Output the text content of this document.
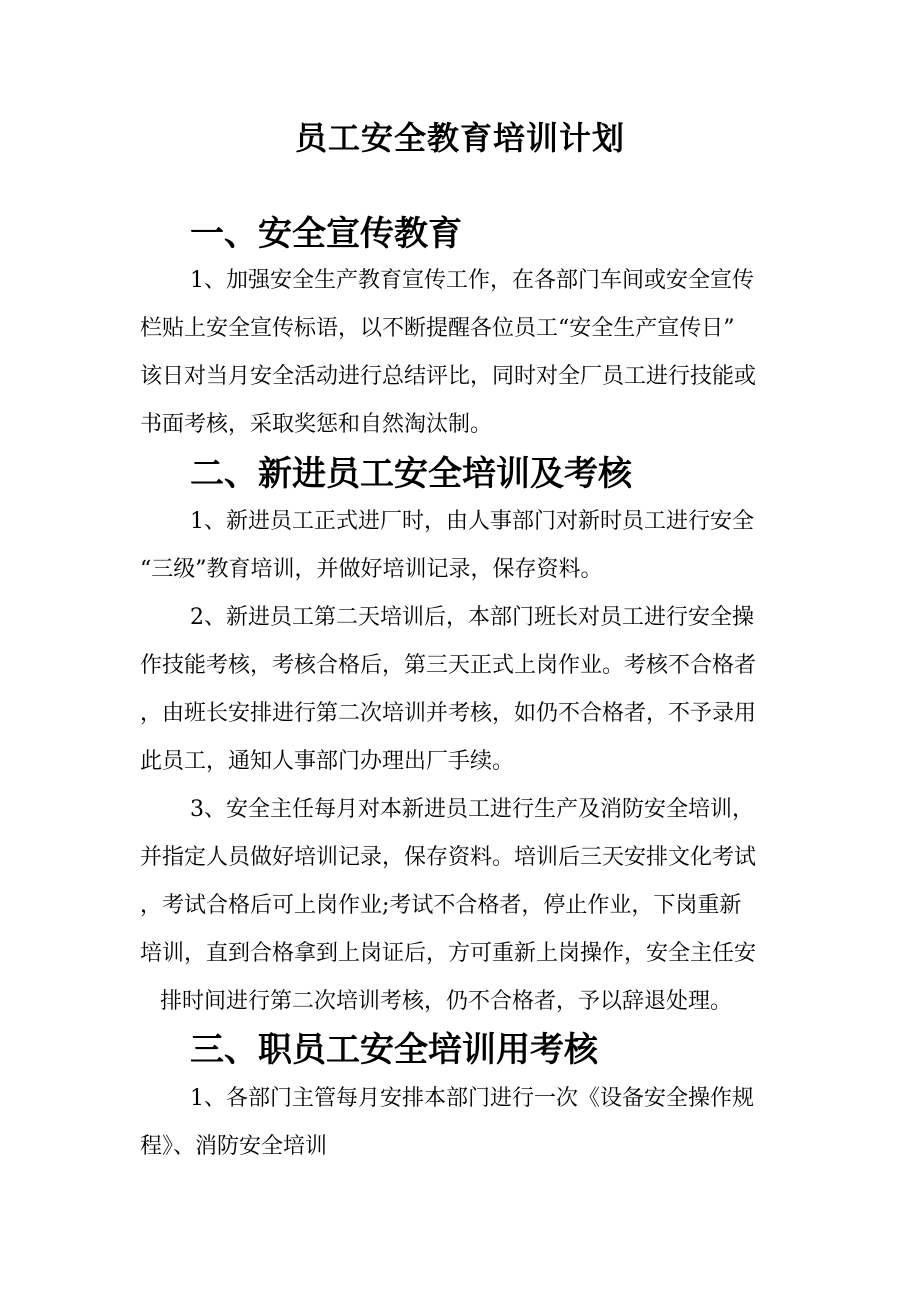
员工安全教育培训计划
一、安全宣传教育

1、加强安全生产教育宣传工作，在各部门车间或安全宣传

栏贴上安全宣传标语，以不断提醒各位员工“安全生产宣传日”

该日对当月安全活动进行总结评比，同时对全厂员工进行技能或

书面考核，采取奖惩和自然淘汰制。

二、新进员工安全培训及考核

1、新进员工正式进厂时，由人事部门对新时员工进行安全

“三级”教育培训，并做好培训记录，保存资料。

2、新进员工第二天培训后，本部门班长对员工进行安全操

作技能考核，考核合格后，第三天正式上岗作业。考核不合格者

，由班长安排进行第二次培训并考核，如仍不合格者，不予录用

此员工，通知人事部门办理出厂手续。

3、安全主任每月对本新进员工进行生产及消防安全培训，

并指定人员做好培训记录，保存资料。培训后三天安排文化考试

，考试合格后可上岗作业;考试不合格者，停止作业，下岗重新

培训，直到合格拿到上岗证后，方可重新上岗操作，安全主任安

排时间进行第二次培训考核，仍不合格者，予以辞退处理。

三、职员工安全培训用考核

1、各部门主管每月安排本部门进行一次《设备安全操作规

程》、消防安全培训
